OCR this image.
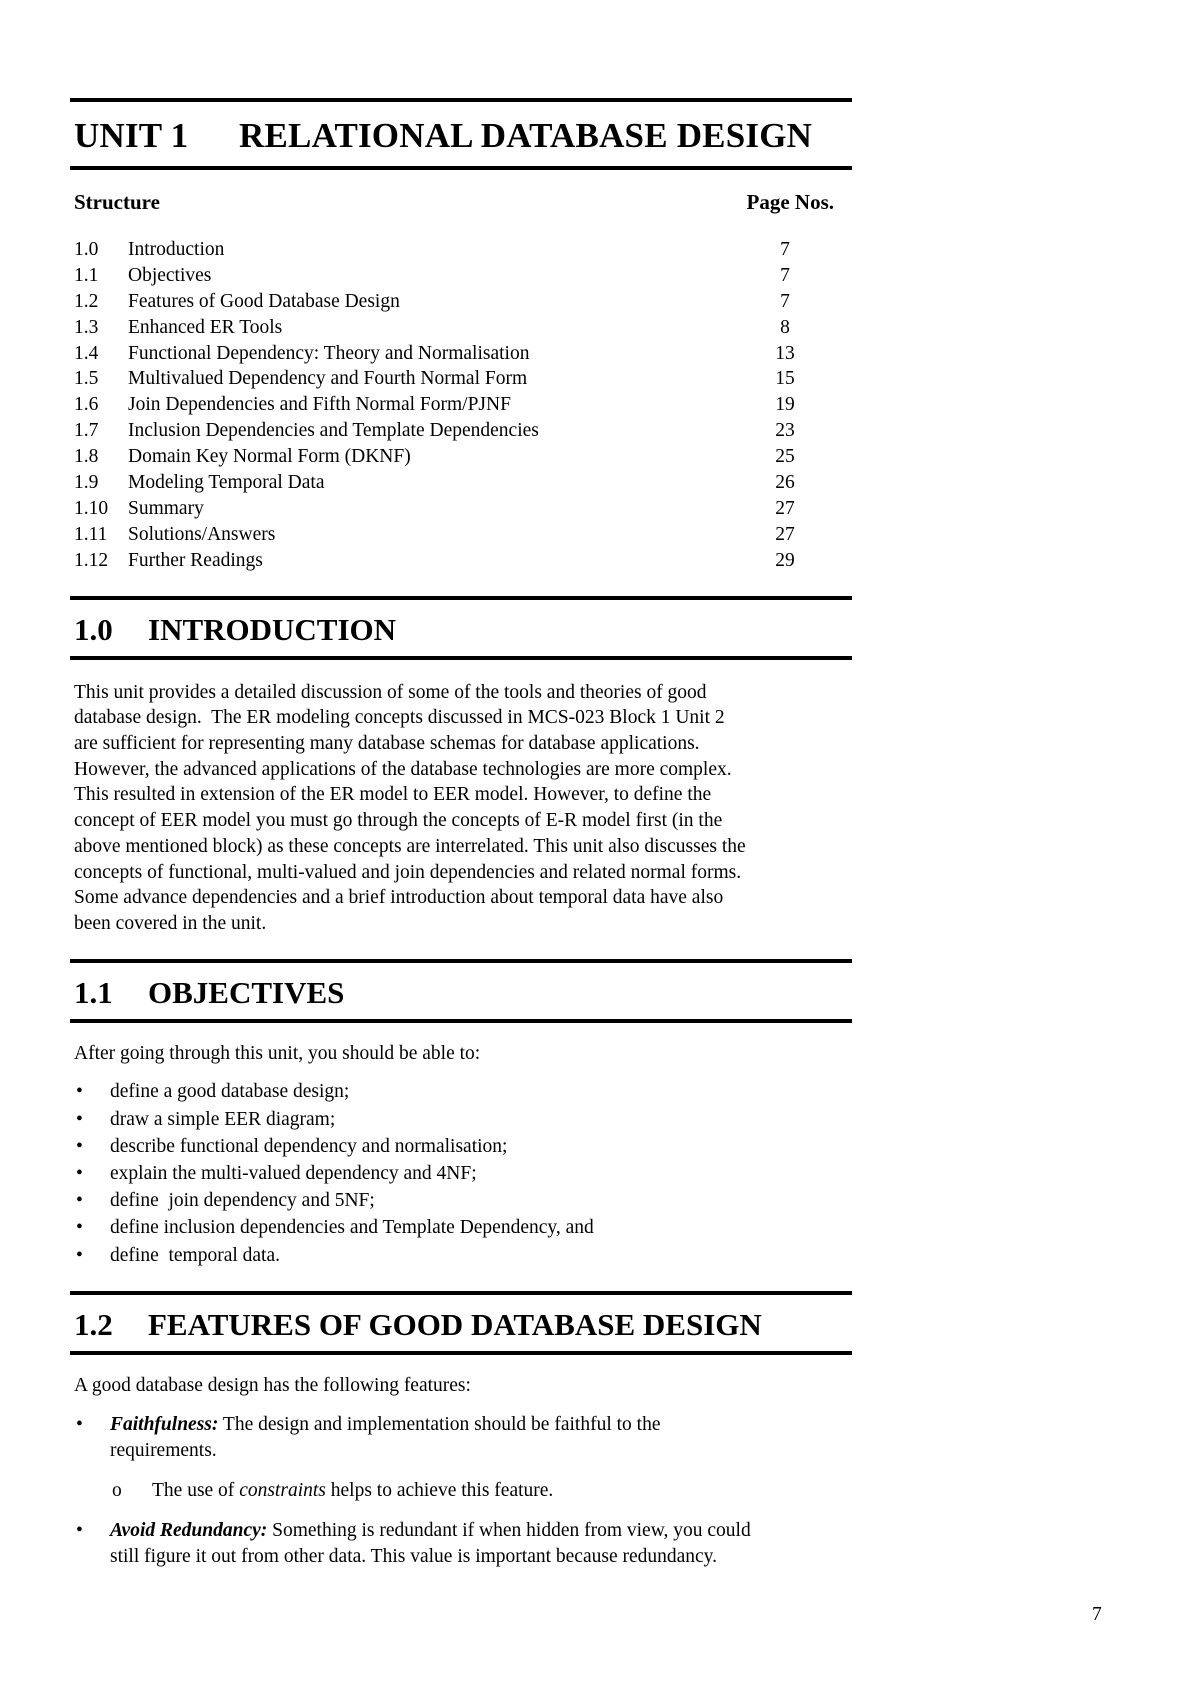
UNIT 1	RELATIONAL DATABASE DESIGN
Structure	Page Nos.
1.0	Introduction	7
1.1	Objectives	7
1.2	Features of Good Database Design	7
1.3	Enhanced ER Tools	8
1.4	Functional Dependency: Theory and Normalisation	13
1.5	Multivalued Dependency and Fourth Normal Form	15
1.6	Join Dependencies and Fifth Normal Form/PJNF	19
1.7	Inclusion Dependencies and Template Dependencies	23
1.8	Domain Key Normal Form (DKNF)	25
1.9	Modeling Temporal Data	26
1.10	Summary	27
1.11	Solutions/Answers	27
1.12	Further Readings	29
1.0	INTRODUCTION
This unit provides a detailed discussion of some of the tools and theories of good
database design.  The ER modeling concepts discussed in MCS-023 Block 1 Unit 2
are sufficient for representing many database schemas for database applications.
However, the advanced applications of the database technologies are more complex.
This resulted in extension of the ER model to EER model. However, to define the
concept of EER model you must go through the concepts of E-R model first (in the
above mentioned block) as these concepts are interrelated. This unit also discusses the
concepts of functional, multi-valued and join dependencies and related normal forms.
Some advance dependencies and a brief introduction about temporal data have also
been covered in the unit.
1.1	OBJECTIVES

After going through this unit, you should be able to:

• define a good database design;
• draw a simple EER diagram;
• describe functional dependency and normalisation;
• explain the multi-valued dependency and 4NF;
• define  join dependency and 5NF;
• define inclusion dependencies and Template Dependency, and
• define  temporal data.
1.2	FEATURES OF GOOD DATABASE DESIGN

A good database design has the following features:

• Faithfulness: The design and implementation should be faithful to the
requirements.
o The use of constraints helps to achieve this feature.
• Avoid Redundancy: Something is redundant if when hidden from view, you could
still figure it out from other data. This value is important because redundancy.
7
